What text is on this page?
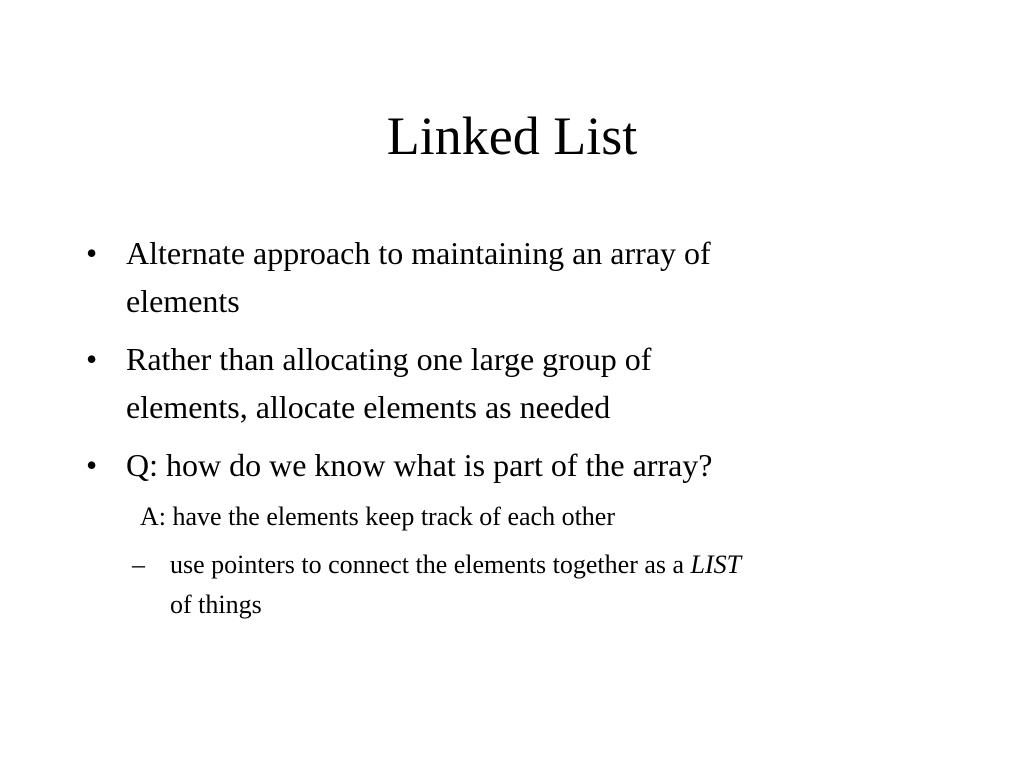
Linked List
• Alternate approach to maintaining an array of
elements
• Rather than allocating one large group of
elements, allocate elements as needed
• Q: how do we know what is part of the array?
A: have the elements keep track of each other
– use pointers to connect the elements together as a LIST
of things
